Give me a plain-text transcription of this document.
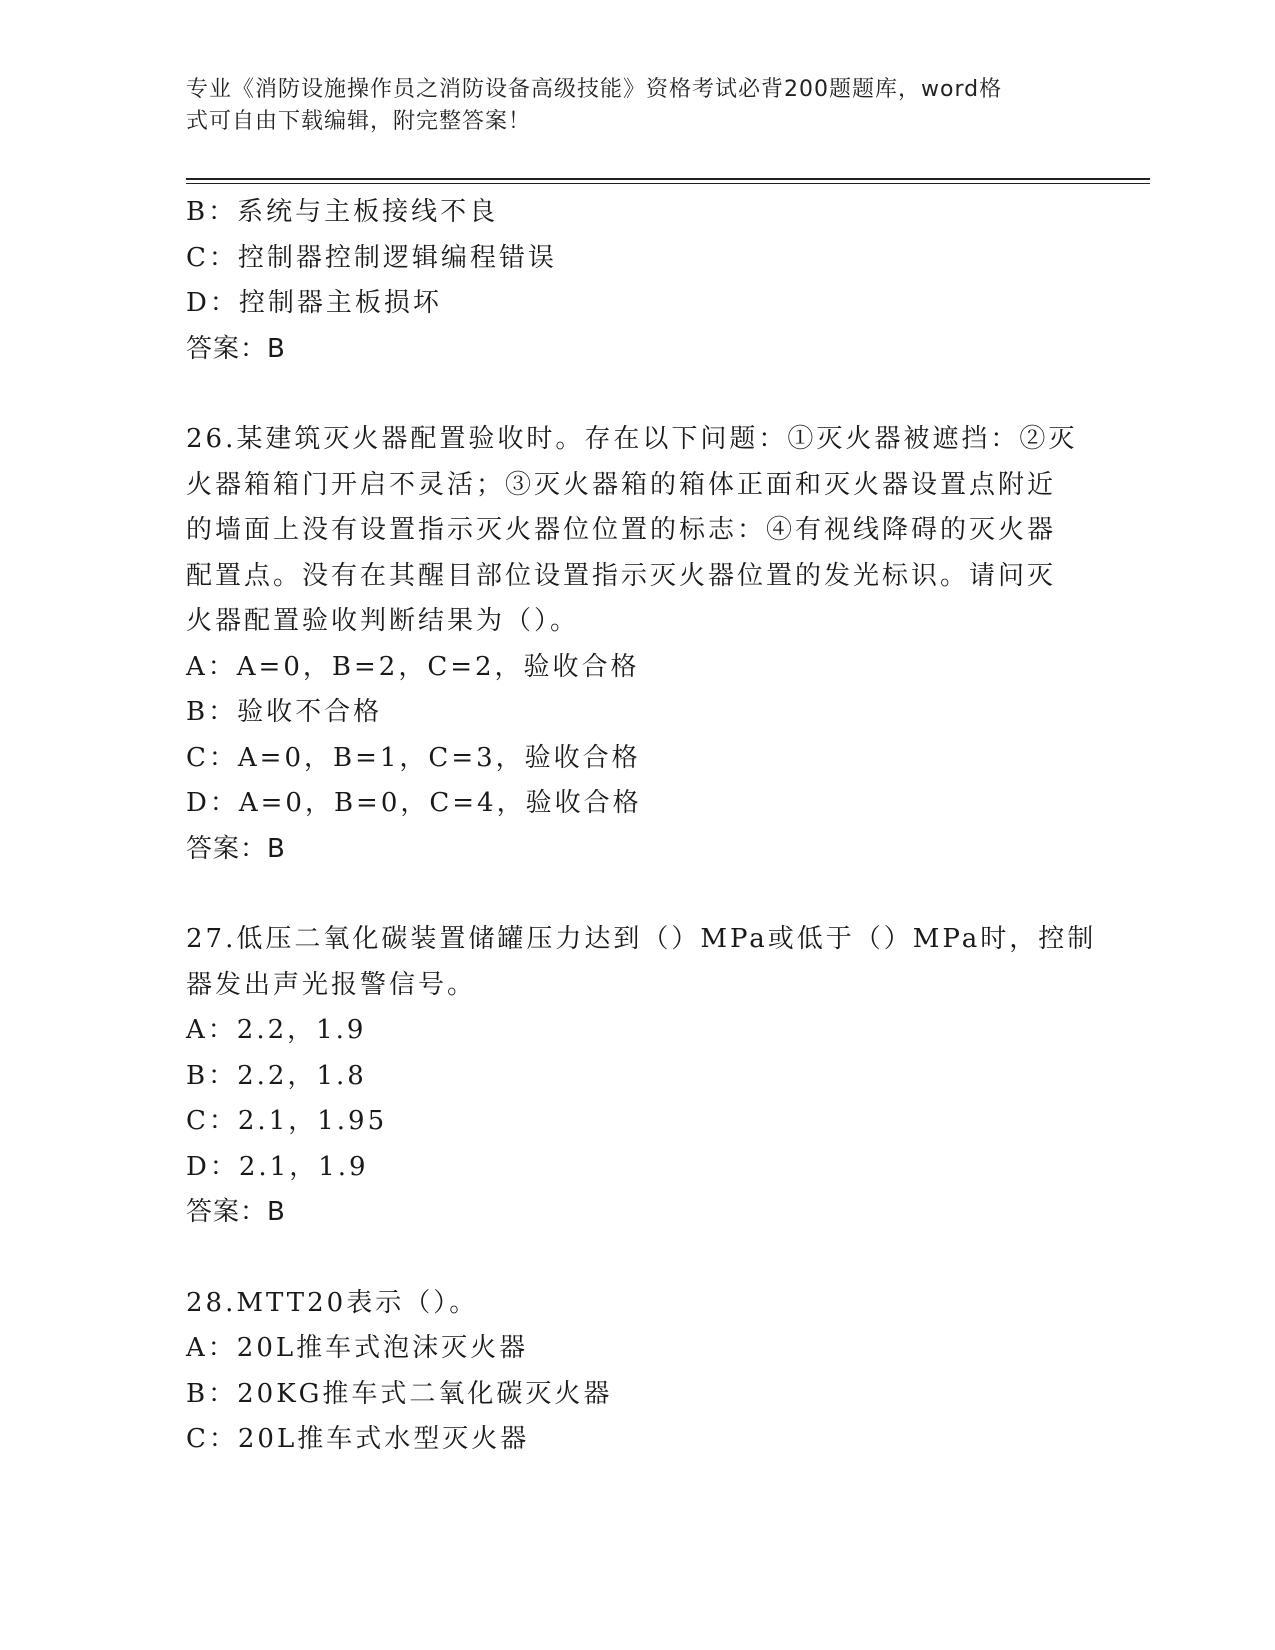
专业《消防设施操作员之消防设备高级技能》资格考试必背200题题库，word格
式可自由下载编辑，附完整答案！
B：系统与主板接线不良
C：控制器控制逻辑编程错误
D：控制器主板损坏
答案：B
26.某建筑灭火器配置验收时。存在以下问题：①灭火器被遮挡：②灭
火器箱箱门开启不灵活；③灭火器箱的箱体正面和灭火器设置点附近
的墙面上没有设置指示灭火器位位置的标志：④有视线降碍的灭火器
配置点。没有在其醒目部位设置指示灭火器位置的发光标识。请问灭
火器配置验收判断结果为（）。
A：A=0，B=2，C=2，验收合格
B：验收不合格
C：A=0，B=1，C=3，验收合格
D：A=0，B=0，C=4，验收合格
答案：B
27.低压二氧化碳装置储罐压力达到（）MPa或低于（）MPa时，控制
器发出声光报警信号。
A：2.2，1.9
B：2.2，1.8
C：2.1，1.95
D：2.1，1.9
答案：B
28.MTT20表示（）。
A：20L推车式泡沫灭火器
B：20KG推车式二氧化碳灭火器
C：20L推车式水型灭火器
